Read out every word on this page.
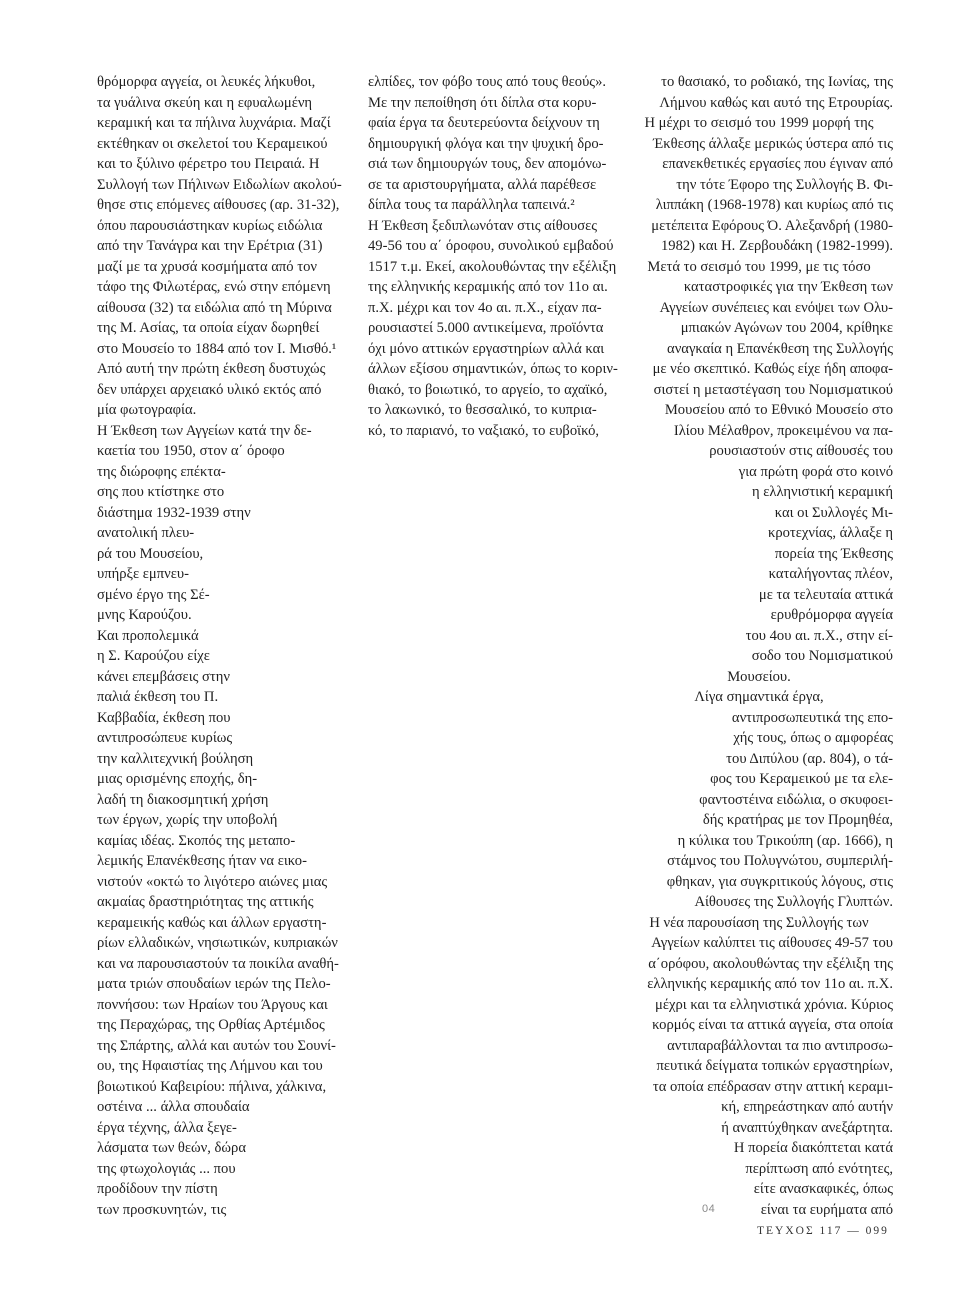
θρόμορφα αγγεία, οι λευκές λήκυθοι,
τα γυάλινα σκεύη και η εφυαλωμένη
κεραμική και τα πήλινα λυχνάρια. Μαζί
εκτέθηκαν οι σκελετοί του Κεραμεικού
και το ξύλινο φέρετρο του Πειραιά. Η
Συλλογή των Πήλινων Ειδωλίων ακολού-
θησε στις επόμενες αίθουσες (αρ. 31-32),
όπου παρουσιάστηκαν κυρίως ειδώλια
από την Τανάγρα και την Ερέτρια (31)
μαζί με τα χρυσά κοσμήματα από τον
τάφο της Φιλωτέρας, ενώ στην επόμενη
αίθουσα (32) τα ειδώλια από τη Μύρινα
της Μ. Ασίας, τα οποία είχαν δωρηθεί
στο Μουσείο το 1884 από τον Ι. Μισθό.¹
Από αυτή την πρώτη έκθεση δυστυχώς
δεν υπάρχει αρχειακό υλικό εκτός από
μία φωτογραφία.
Η Έκθεση των Αγγείων κατά την δε-
καετία του 1950, στον α΄ όροφο
της διώροφης επέκτα-
σης που κτίστηκε στο
διάστημα 1932-1939 στην
ανατολική πλευ-
ρά του Μουσείου,
υπήρξε εμπνευ-
σμένο έργο της Σέ-
μνης Καρούζου.
Και προπολεμικά
η Σ. Καρούζου είχε
κάνει επεμβάσεις στην
παλιά έκθεση του Π.
Καββαδία, έκθεση που
αντιπροσώπευε κυρίως
την καλλιτεχνική βούληση
μιας ορισμένης εποχής, δη-
λαδή τη διακοσμητική χρήση
των έργων, χωρίς την υποβολή
καμίας ιδέας. Σκοπός της μεταπο-
λεμικής Επανέκθεσης ήταν να εικο-
νιστούν «οκτώ το λιγότερο αιώνες μιας
ακμαίας δραστηριότητας της αττικής
κεραμεικής καθώς και άλλων εργαστη-
ρίων ελλαδικών, νησιωτικών, κυπριακών
και να παρουσιαστούν τα ποικίλα αναθή-
ματα τριών σπουδαίων ιερών της Πελο-
ποννήσου: των Ηραίων του Άργους και
της Περαχώρας, της Ορθίας Αρτέμιδος
της Σπάρτης, αλλά και αυτών του Σουνί-
ου, της Ηφαιστίας της Λήμνου και του
βοιωτικού Καβειρίου: πήλινα, χάλκινα,
οστέινα ... άλλα σπουδαία
έργα τέχνης, άλλα ξεγε-
λάσματα των θεών, δώρα
της φτωχολογιάς ... που
προδίδουν την πίστη
των προσκυνητών, τις
ελπίδες, τον φόβο τους από τους θεούς».
Με την πεποίθηση ότι δίπλα στα κορυ-
φαία έργα τα δευτερεύοντα δείχνουν τη
δημιουργική φλόγα και την ψυχική δρο-
σιά των δημιουργών τους, δεν απομόνω-
σε τα αριστουργήματα, αλλά παρέθεσε
δίπλα τους τα παράλληλα ταπεινά.²
Η Έκθεση ξεδιπλωνόταν στις αίθουσες
49-56 του α΄ όροφου, συνολικού εμβαδού
1517 τ.μ. Εκεί, ακολουθώντας την εξέλιξη
της ελληνικής κεραμικής από τον 11ο αι.
π.Χ. μέχρι και τον 4ο αι. π.Χ., είχαν πα-
ρουσιαστεί 5.000 αντικείμενα, προϊόντα
όχι μόνο αττικών εργαστηρίων αλλά και
άλλων εξίσου σημαντικών, όπως το κοριν-
θιακό, το βοιωτικό, το αργείο, το αχαϊκό,
το λακωνικό, το θεσσαλικό, το κυπρια-
κό, το παριανό, το ναξιακό, το ευβοϊκό,
το θασιακό, το ροδιακό, της Ιωνίας, της
Λήμνου καθώς και αυτό της Ετρουρίας.
Η μέχρι το σεισμό του 1999 μορφή της
Έκθεσης άλλαξε μερικώς ύστερα από τις
επανεκθετικές εργασίες που έγιναν από
την τότε Έφορο της Συλλογής Β. Φι-
λιππάκη (1968-1978) και κυρίως από τις
μετέπειτα Εφόρους Ό. Αλεξανδρή (1980-
1982) και Η. Ζερβουδάκη (1982-1999).
Μετά το σεισμό του 1999, με τις τόσο
καταστροφικές για την Έκθεση των
Αγγείων συνέπειες και ενόψει των Ολυ-
μπιακών Αγώνων του 2004, κρίθηκε
αναγκαία η Επανέκθεση της Συλλογής
με νέο σκεπτικό. Καθώς είχε ήδη αποφα-
σιστεί η μεταστέγαση του Νομισματικού
Μουσείου από το Εθνικό Μουσείο στο
Ιλίου Μέλαθρον, προκειμένου να πα-
ρουσιαστούν στις αίθουσές του
για πρώτη φορά στο κοινό
η ελληνιστική κεραμική
και οι Συλλογές Μι-
κροτεχνίας, άλλαξε η
πορεία της Έκθεσης
καταλήγοντας πλέον,
με τα τελευταία αττικά
ερυθρόμορφα αγγεία
του 4ου αι. π.Χ., στην εί-
σοδο του Νομισματικού
Μουσείου.
Λίγα σημαντικά έργα,
αντιπροσωπευτικά της επο-
χής τους, όπως ο αμφορέας
του Διπύλου (αρ. 804), ο τά-
φος του Κεραμεικού με τα ελε-
φαντοστέινα ειδώλια, ο σκυφοει-
δής κρατήρας με τον Προμηθέα,
η κύλικα του Τρικούπη (αρ. 1666), η
στάμνος του Πολυγνώτου, συμπεριλή-
φθηκαν, για συγκριτικούς λόγους, στις
Αίθουσες της Συλλογής Γλυπτών.
Η νέα παρουσίαση της Συλλογής των
Αγγείων καλύπτει τις αίθουσες 49-57 του
α΄ορόφου, ακολουθώντας την εξέλιξη της
ελληνικής κεραμικής από τον 11ο αι. π.Χ.
μέχρι και τα ελληνιστικά χρόνια. Κύριος
κορμός είναι τα αττικά αγγεία, στα οποία
αντιπαραβάλλονται τα πιο αντιπροσω-
πευτικά δείγματα τοπικών εργαστηρίων,
τα οποία επέδρασαν στην αττική κεραμι-
κή, επηρεάστηκαν από αυτήν
ή αναπτύχθηκαν ανεξάρτητα.
Η πορεία διακόπτεται κατά
περίπτωση από ενότητες,
είτε ανασκαφικές, όπως
είναι τα ευρήματα από
04
ΤΕΥΧΟΣ 117 — 099
